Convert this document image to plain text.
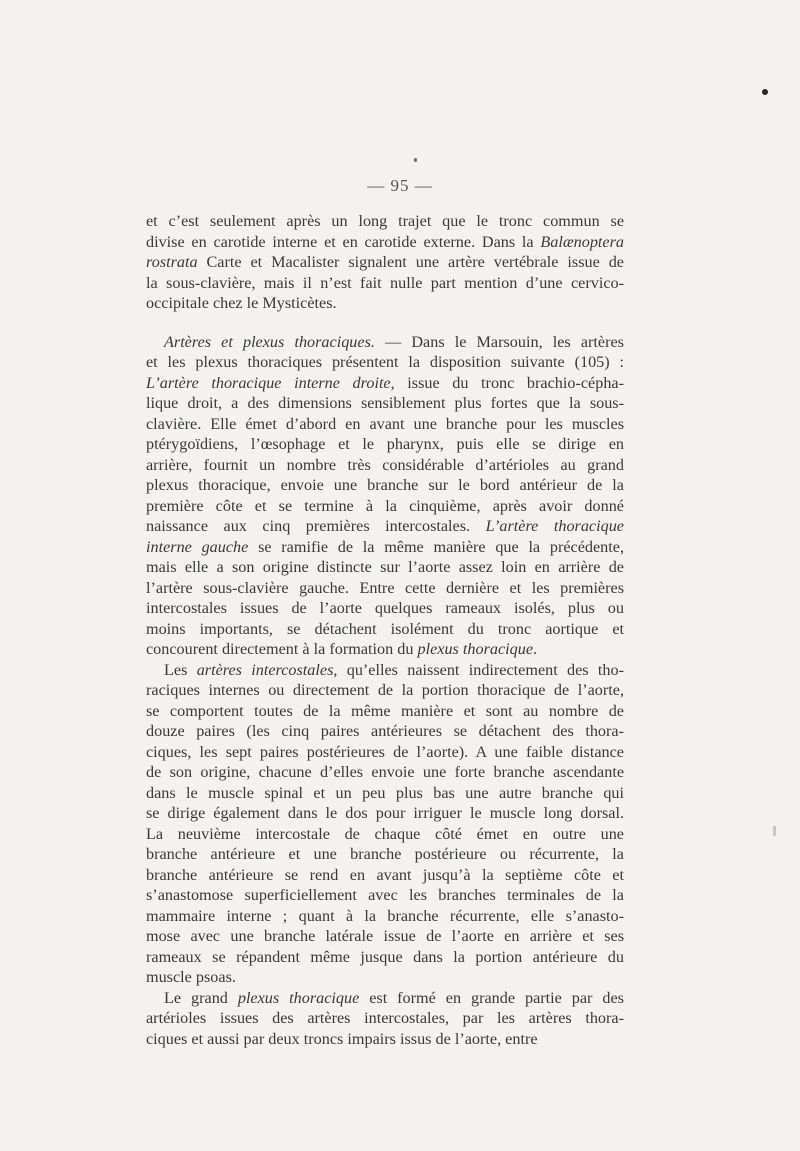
— 95 —
et c’est seulement après un long trajet que le tronc commun se
divise en carotide interne et en carotide externe. Dans la Balænoptera
rostrata Carte et Macalister signalent une artère vertébrale issue de
la sous-clavière, mais il n’est fait nulle part mention d’une cervico-
occipitale chez le Mysticètes.
Artères et plexus thoraciques. — Dans le Marsouin, les artères
et les plexus thoraciques présentent la disposition suivante (105) :
L’artère thoracique interne droite, issue du tronc brachio-cépha-
lique droit, a des dimensions sensiblement plus fortes que la sous-
clavière. Elle émet d’abord en avant une branche pour les muscles
ptérygoïdiens, l’œsophage et le pharynx, puis elle se dirige en
arrière, fournit un nombre très considérable d’artérioles au grand
plexus thoracique, envoie une branche sur le bord antérieur de la
première côte et se termine à la cinquième, après avoir donné
naissance aux cinq premières intercostales. L’artère thoracique
interne gauche se ramifie de la même manière que la précédente,
mais elle a son origine distincte sur l’aorte assez loin en arrière de
l’artère sous-clavière gauche. Entre cette dernière et les premières
intercostales issues de l’aorte quelques rameaux isolés, plus ou
moins importants, se détachent isolément du tronc aortique et
concourent directement à la formation du plexus thoracique.
Les artères intercostales, qu’elles naissent indirectement des tho-
raciques internes ou directement de la portion thoracique de l’aorte,
se comportent toutes de la même manière et sont au nombre de
douze paires (les cinq paires antérieures se détachent des thora-
ciques, les sept paires postérieures de l’aorte). A une faible distance
de son origine, chacune d’elles envoie une forte branche ascendante
dans le muscle spinal et un peu plus bas une autre branche qui
se dirige également dans le dos pour irriguer le muscle long dorsal.
La neuvième intercostale de chaque côté émet en outre une
branche antérieure et une branche postérieure ou récurrente, la
branche antérieure se rend en avant jusqu’à la septième côte et
s’anastomose superficiellement avec les branches terminales de la
mammaire interne ; quant à la branche récurrente, elle s’anasto-
mose avec une branche latérale issue de l’aorte en arrière et ses
rameaux se répandent même jusque dans la portion antérieure du
muscle psoas.
Le grand plexus thoracique est formé en grande partie par des
artérioles issues des artères intercostales, par les artères thora-
ciques et aussi par deux troncs impairs issus de l’aorte, entre
